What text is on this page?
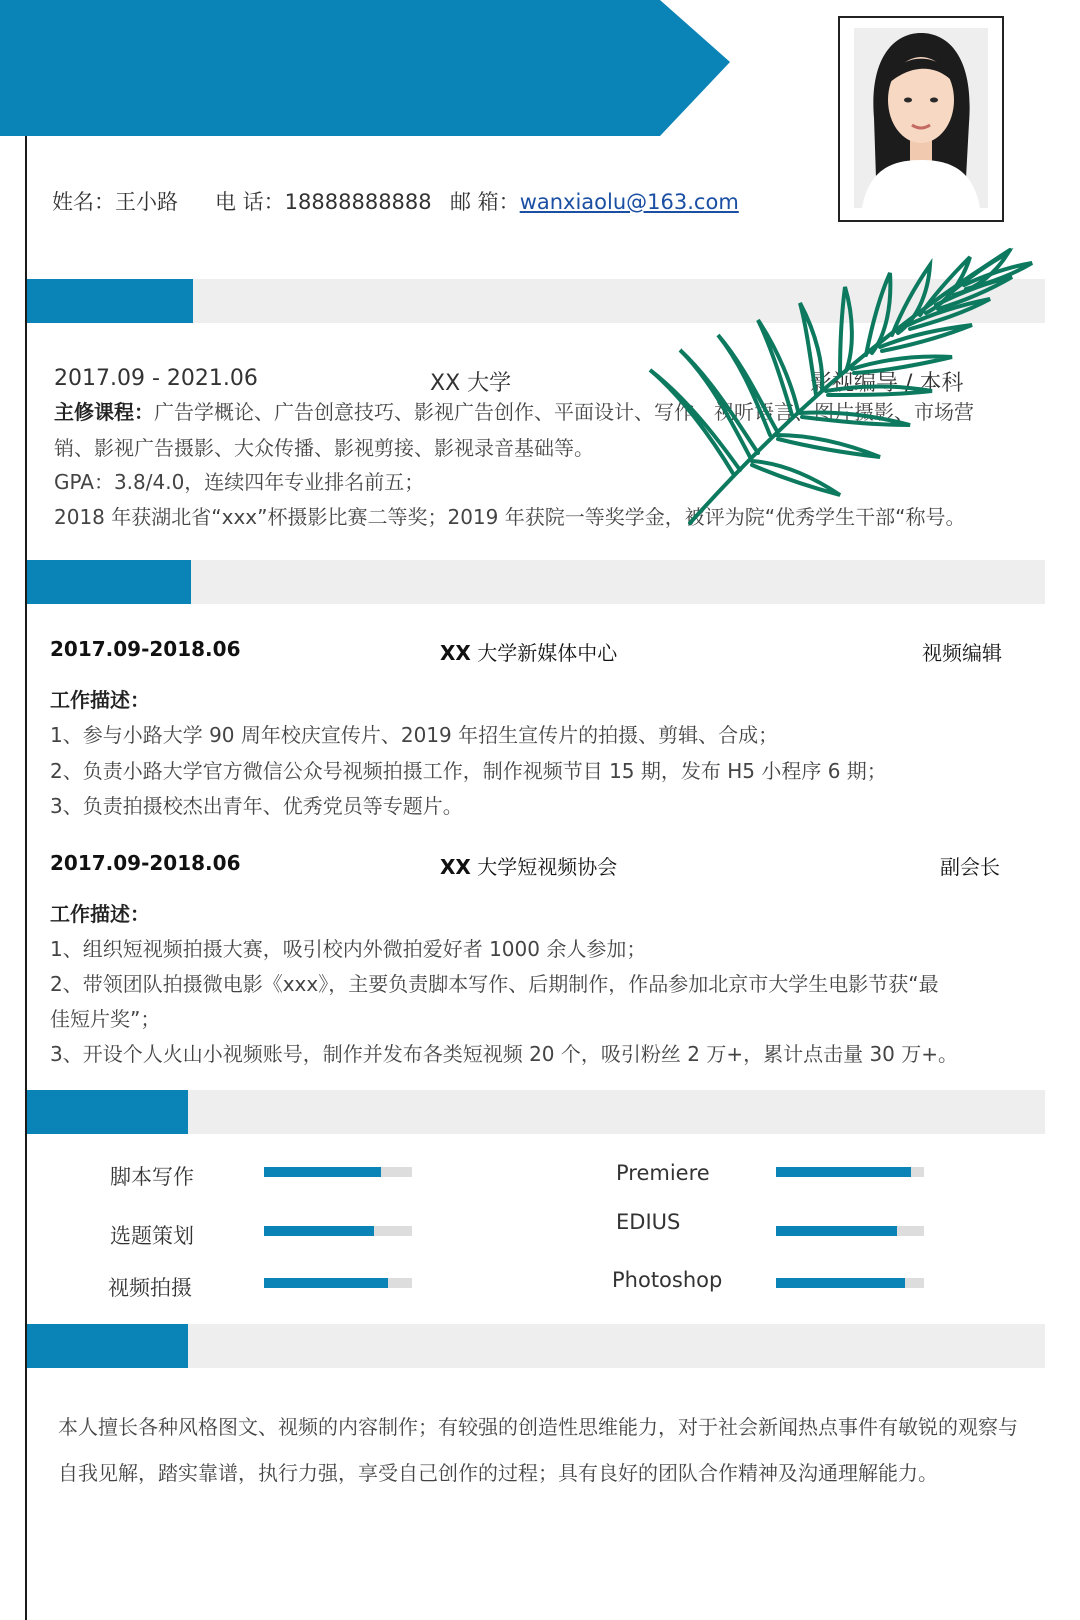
姓名：王小路 电 话：18888888888 邮 箱：wanxiaolu@163.com
2017.09 - 2021.06	XX 大学	影视编导 / 本科
主修课程：广告学概论、广告创意技巧、影视广告创作、平面设计、写作、视听语言、图片摄影、市场营
销、影视广告摄影、大众传播、影视剪接、影视录音基础等。
GPA：3.8/4.0，连续四年专业排名前五；
2018 年获湖北省“xxx”杯摄影比赛二等奖；2019 年获院一等奖学金，被评为院“优秀学生干部“称号。
2017.09-2018.06	XX 大学新媒体中心	视频编辑
工作描述：
1、参与小路大学 90 周年校庆宣传片、2019 年招生宣传片的拍摄、剪辑、合成；
2、负责小路大学官方微信公众号视频拍摄工作，制作视频节目 15 期，发布 H5 小程序 6 期；
3、负责拍摄校杰出青年、优秀党员等专题片。
2017.09-2018.06	XX 大学短视频协会	副会长
工作描述：
1、组织短视频拍摄大赛，吸引校内外微拍爱好者 1000 余人参加；
2、带领团队拍摄微电影《xxx》，主要负责脚本写作、后期制作，作品参加北京市大学生电影节获“最
佳短片奖”；
3、开设个人火山小视频账号，制作并发布各类短视频 20 个，吸引粉丝 2 万+，累计点击量 30 万+。
脚本写作
选题策划
视频拍摄
Premiere
EDIUS
Photoshop
本人擅长各种风格图文、视频的内容制作；有较强的创造性思维能力，对于社会新闻热点事件有敏锐的观察与自我见解，踏实靠谱，执行力强，享受自己创作的过程；具有良好的团队合作精神及沟通理解能力。
